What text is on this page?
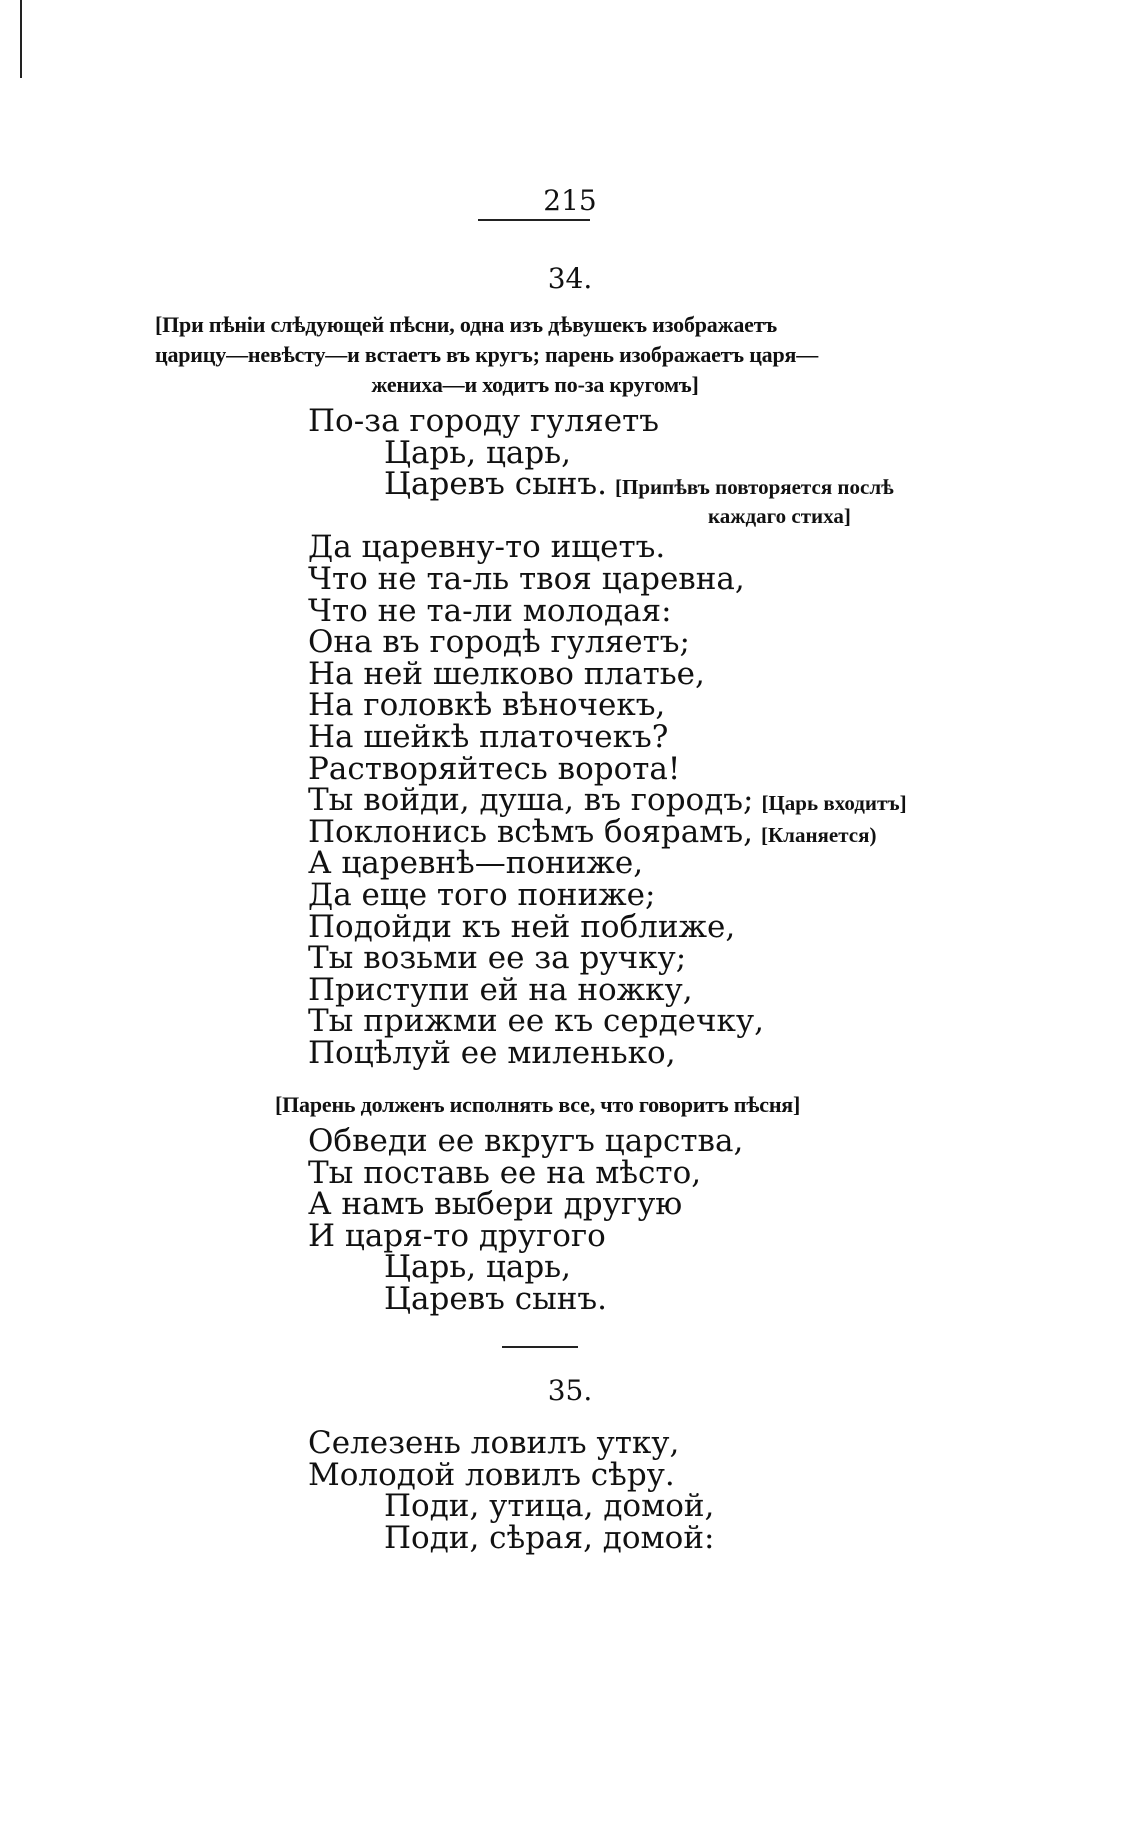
215
34.
[При пѣніи слѣдующей пѣсни, одна изъ дѣвушекъ изображаетъ
царицу—невѣсту—и встаетъ въ кругъ; парень изображаетъ царя—
жениха—и ходитъ по-за кругомъ]
По-за городу гуляетъ
Царь, царь,
Царевъ сынъ. [Припѣвъ повторяется послѣ
каждаго стиха]
Да царевну-то ищетъ.
Что не та-ль твоя царевна,
Что не та-ли молодая:
Она въ городѣ гуляетъ;
На ней шелково платье,
На головкѣ вѣночекъ,
На шейкѣ платочекъ?
Растворяйтесь ворота!
Ты войди, душа, въ городъ; [Царь входитъ]
Поклонись всѣмъ боярамъ, [Кланяется)
А царевнѣ—пониже,
Да еще того пониже;
Подойди къ ней поближе,
Ты возьми ее за ручку;
Приступи ей на ножку,
Ты прижми ее къ сердечку,
Поцѣлуй ее миленько,
[Парень долженъ исполнять все, что говоритъ пѣсня]
Обведи ее вкругъ царства,
Ты поставь ее на мѣсто,
А намъ выбери другую
И царя-то другого
Царь, царь,
Царевъ сынъ.
35.
Селезень ловилъ утку,
Молодой ловилъ сѣру.
Поди, утица, домой,
Поди, сѣрая, домой:
